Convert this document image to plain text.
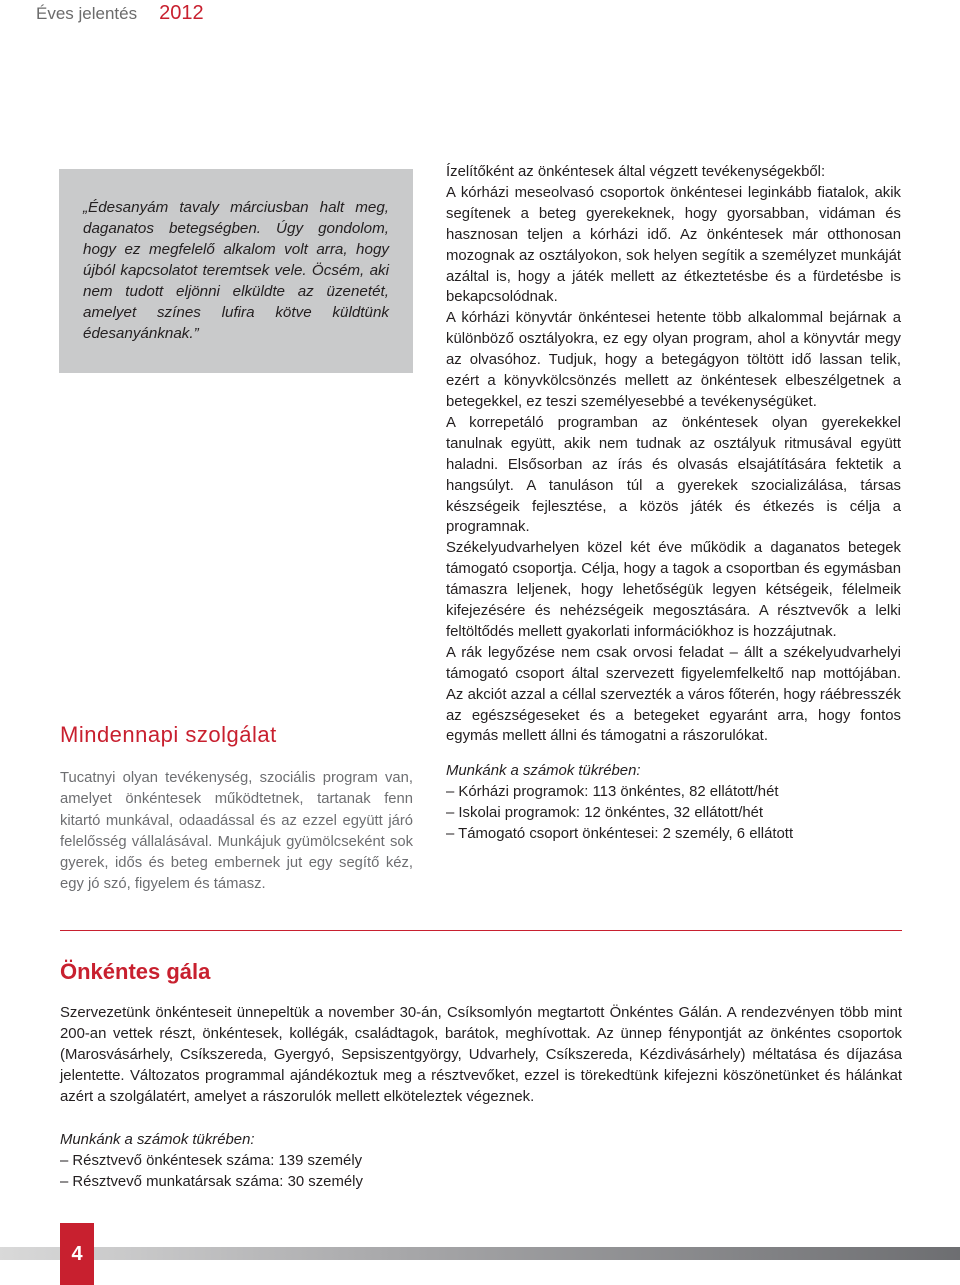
Éves jelentés 2012

„Édesanyám tavaly márciusban halt meg, daganatos betegségben. Úgy gondolom, hogy ez megfelelő alkalom volt arra, hogy újból kapcsolatot teremtsek vele. Öcsém, aki nem tudott eljönni elküldte az üzenetét, amelyet színes lufira kötve küldtünk édesanyánknak.”

Mindennapi szolgálat

Tucatnyi olyan tevékenység, szociális program van, amelyet önkéntesek működtetnek, tartanak fenn kitartó munkával, odaadással és az ezzel együtt járó felelősség vállalásával. Munkájuk gyümölcseként sok gyerek, idős és beteg embernek jut egy segítő kéz, egy jó szó, figyelem és támasz.

Ízelítőként az önkéntesek által végzett tevékenységekből:

A kórházi meseolvasó csoportok önkéntesei leginkább fiatalok, akik segítenek a beteg gyerekeknek, hogy gyorsabban, vidáman és hasznosan teljen a kórházi idő. Az önkéntesek már otthonosan mozognak az osztályokon, sok helyen segítik a személyzet munkáját azáltal is, hogy a játék mellett az étkeztetésbe és a fürdetésbe is bekapcsolódnak.

A kórházi könyvtár önkéntesei hetente több alkalommal bejárnak a különböző osztályokra, ez egy olyan program, ahol a könyvtár megy az olvasóhoz. Tudjuk, hogy a betegágyon töltött idő lassan telik, ezért a könyvkölcsönzés mellett az önkéntesek elbeszélgetnek a betegekkel, ez teszi személyesebbé a tevékenységüket.

A korrepetáló programban az önkéntesek olyan gyerekekkel tanulnak együtt, akik nem tudnak az osztályuk ritmusával együtt haladni. Elsősorban az írás és olvasás elsajátítására fektetik a hangsúlyt. A tanuláson túl a gyerekek szocializálása, társas készségeik fejlesztése, a közös játék és étkezés is célja a programnak.

Székelyudvarhelyen közel két éve működik a daganatos betegek támogató csoportja. Célja, hogy a tagok a csoportban és egymásban támaszra leljenek, hogy lehetőségük legyen kétségeik, félelmeik kifejezésére és nehézségeik megosztására. A résztvevők a lelki feltöltődés mellett gyakorlati információkhoz is hozzájutnak.

A rák legyőzése nem csak orvosi feladat – állt a székelyudvarhelyi támogató csoport által szervezett figyelemfelkeltő nap mottójában. Az akciót azzal a céllal szervezték a város főterén, hogy ráébresszék az egészségeseket és a betegeket egyaránt arra, hogy fontos egymás mellett állni és támogatni a rászorulókat.

Munkánk a számok tükrében:

– Kórházi programok: 113 önkéntes, 82 ellátott/hét
– Iskolai programok: 12 önkéntes, 32 ellátott/hét
– Támogató csoport önkéntesei: 2 személy, 6 ellátott
Önkéntes gála

Szervezetünk önkénteseit ünnepeltük a november 30-án, Csíksomlyón megtartott Önkéntes Gálán. A rendezvényen több mint 200-an vettek részt, önkéntesek, kollégák, családtagok, barátok, meghívottak. Az ünnep fénypontját az önkéntes csoportok (Marosvásárhely, Csíkszereda, Gyergyó, Sepsiszentgyörgy, Udvarhely, Csíkszereda, Kézdivásárhely) méltatása és díjazása jelentette. Változatos programmal ajándékoztuk meg a résztvevőket, ezzel is törekedtünk kifejezni köszönetünket és hálánkat azért a szolgálatért, amelyet a rászorulók mellett elköteleztek végeznek.

Munkánk a számok tükrében:

– Résztvevő önkéntesek száma: 139 személy
– Résztvevő munkatársak száma: 30 személy
4
